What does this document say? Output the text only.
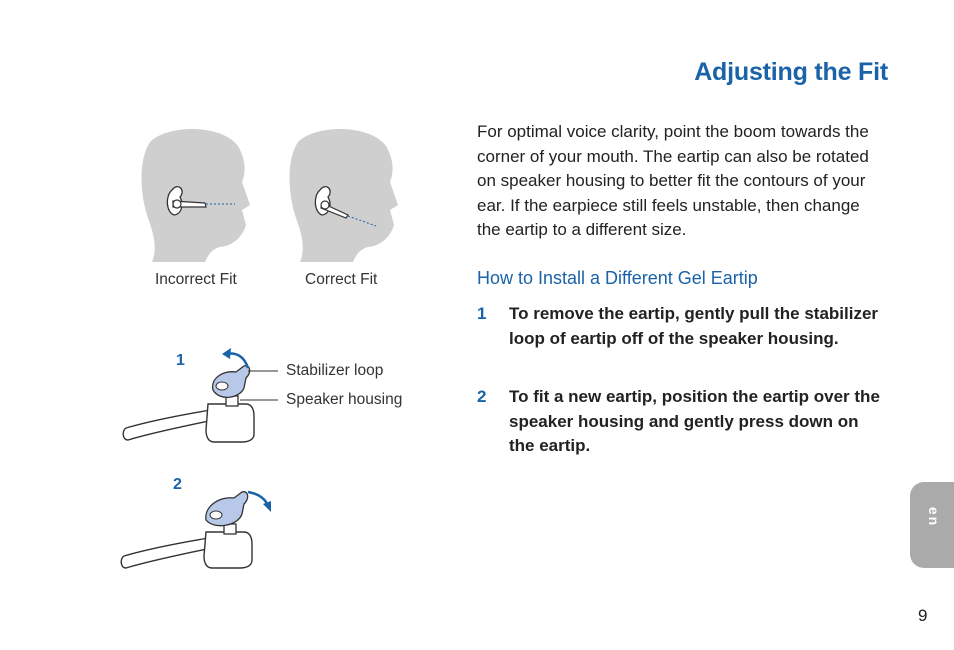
Adjusting the Fit
For optimal voice clarity, point the boom towards the corner of your mouth. The eartip can also be rotated on speaker housing to better fit the contours of your ear. If the earpiece still feels unstable, then change the eartip to a different size.
How to Install a Different Gel Eartip
1 To remove the eartip, gently pull the stabilizer loop of eartip off of the speaker housing.
2 To fit a new eartip, position the eartip over the speaker housing and gently press down on the eartip.
Incorrect Fit	Correct Fit
1
2
Stabilizer loop
Speaker housing
en
9
